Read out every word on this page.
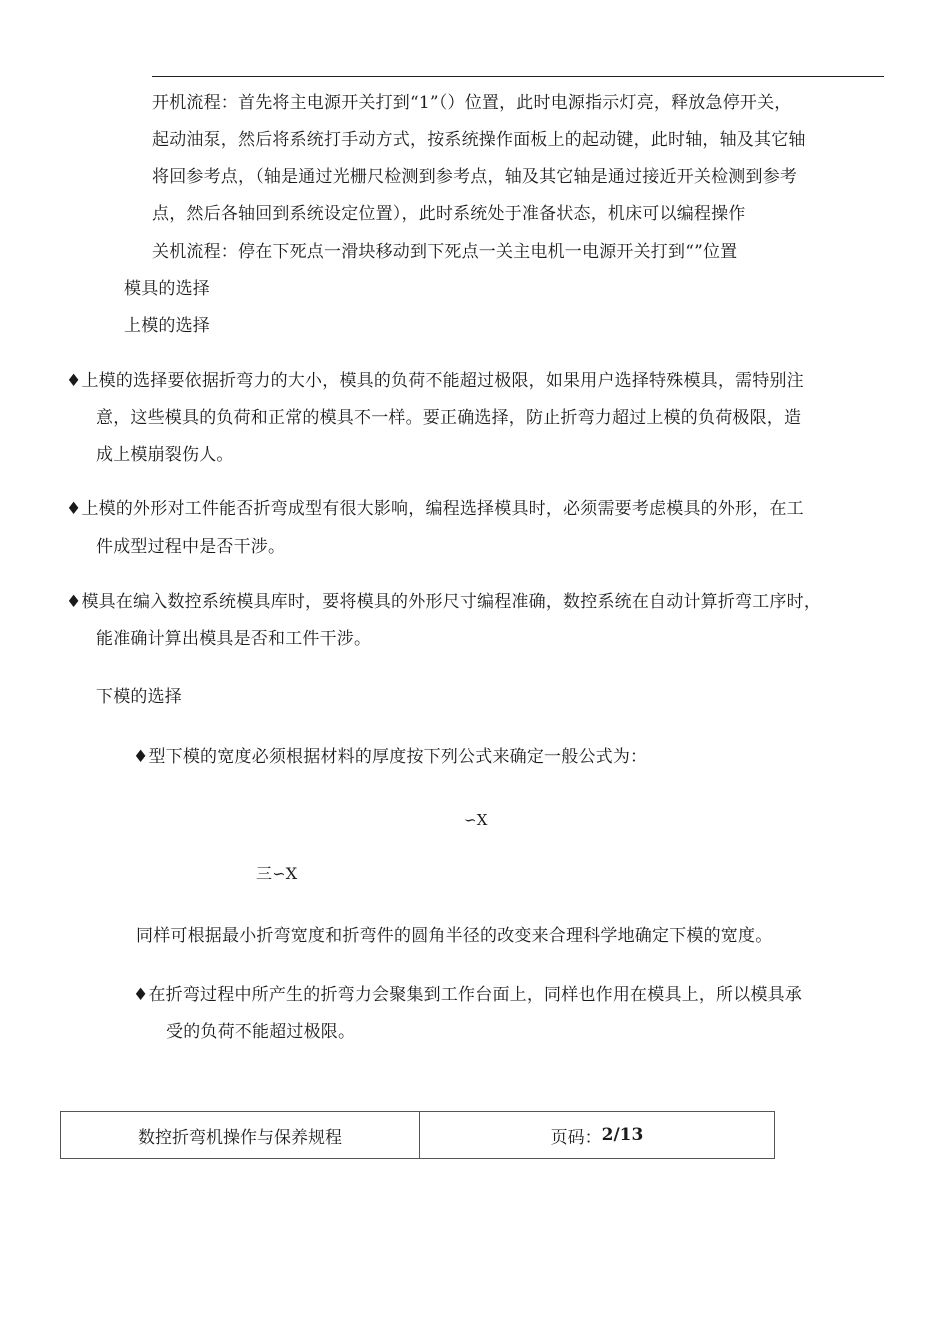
开机流程：首先将主电源开关打到“1”（）位置，此时电源指示灯亮，释放急停开关，
起动油泵，然后将系统打手动方式，按系统操作面板上的起动键，此时轴，轴及其它轴
将回参考点，（轴是通过光栅尺检测到参考点，轴及其它轴是通过接近开关检测到参考
点，然后各轴回到系统设定位置），此时系统处于准备状态，机床可以编程操作
关机流程：停在下死点一滑块移动到下死点一关主电机一电源开关打到“”位置
模具的选择
上模的选择
♦上模的选择要依据折弯力的大小，模具的负荷不能超过极限，如果用户选择特殊模具，需特别注
意，这些模具的负荷和正常的模具不一样。要正确选择，防止折弯力超过上模的负荷极限，造
成上模崩裂伤人。
♦上模的外形对工件能否折弯成型有很大影响，编程选择模具时，必须需要考虑模具的外形，在工
件成型过程中是否干涉。
♦模具在编入数控系统模具库时，要将模具的外形尺寸编程准确，数控系统在自动计算折弯工序时，
能准确计算出模具是否和工件干涉。
下模的选择
♦型下模的宽度必须根据材料的厚度按下列公式来确定一般公式为：
∽X
三∽X
同样可根据最小折弯宽度和折弯件的圆角半径的改变来合理科学地确定下模的宽度。
♦在折弯过程中所产生的折弯力会聚集到工作台面上，同样也作用在模具上，所以模具承
受的负荷不能超过极限。
数控折弯机操作与保养规程	页码： 2/13
